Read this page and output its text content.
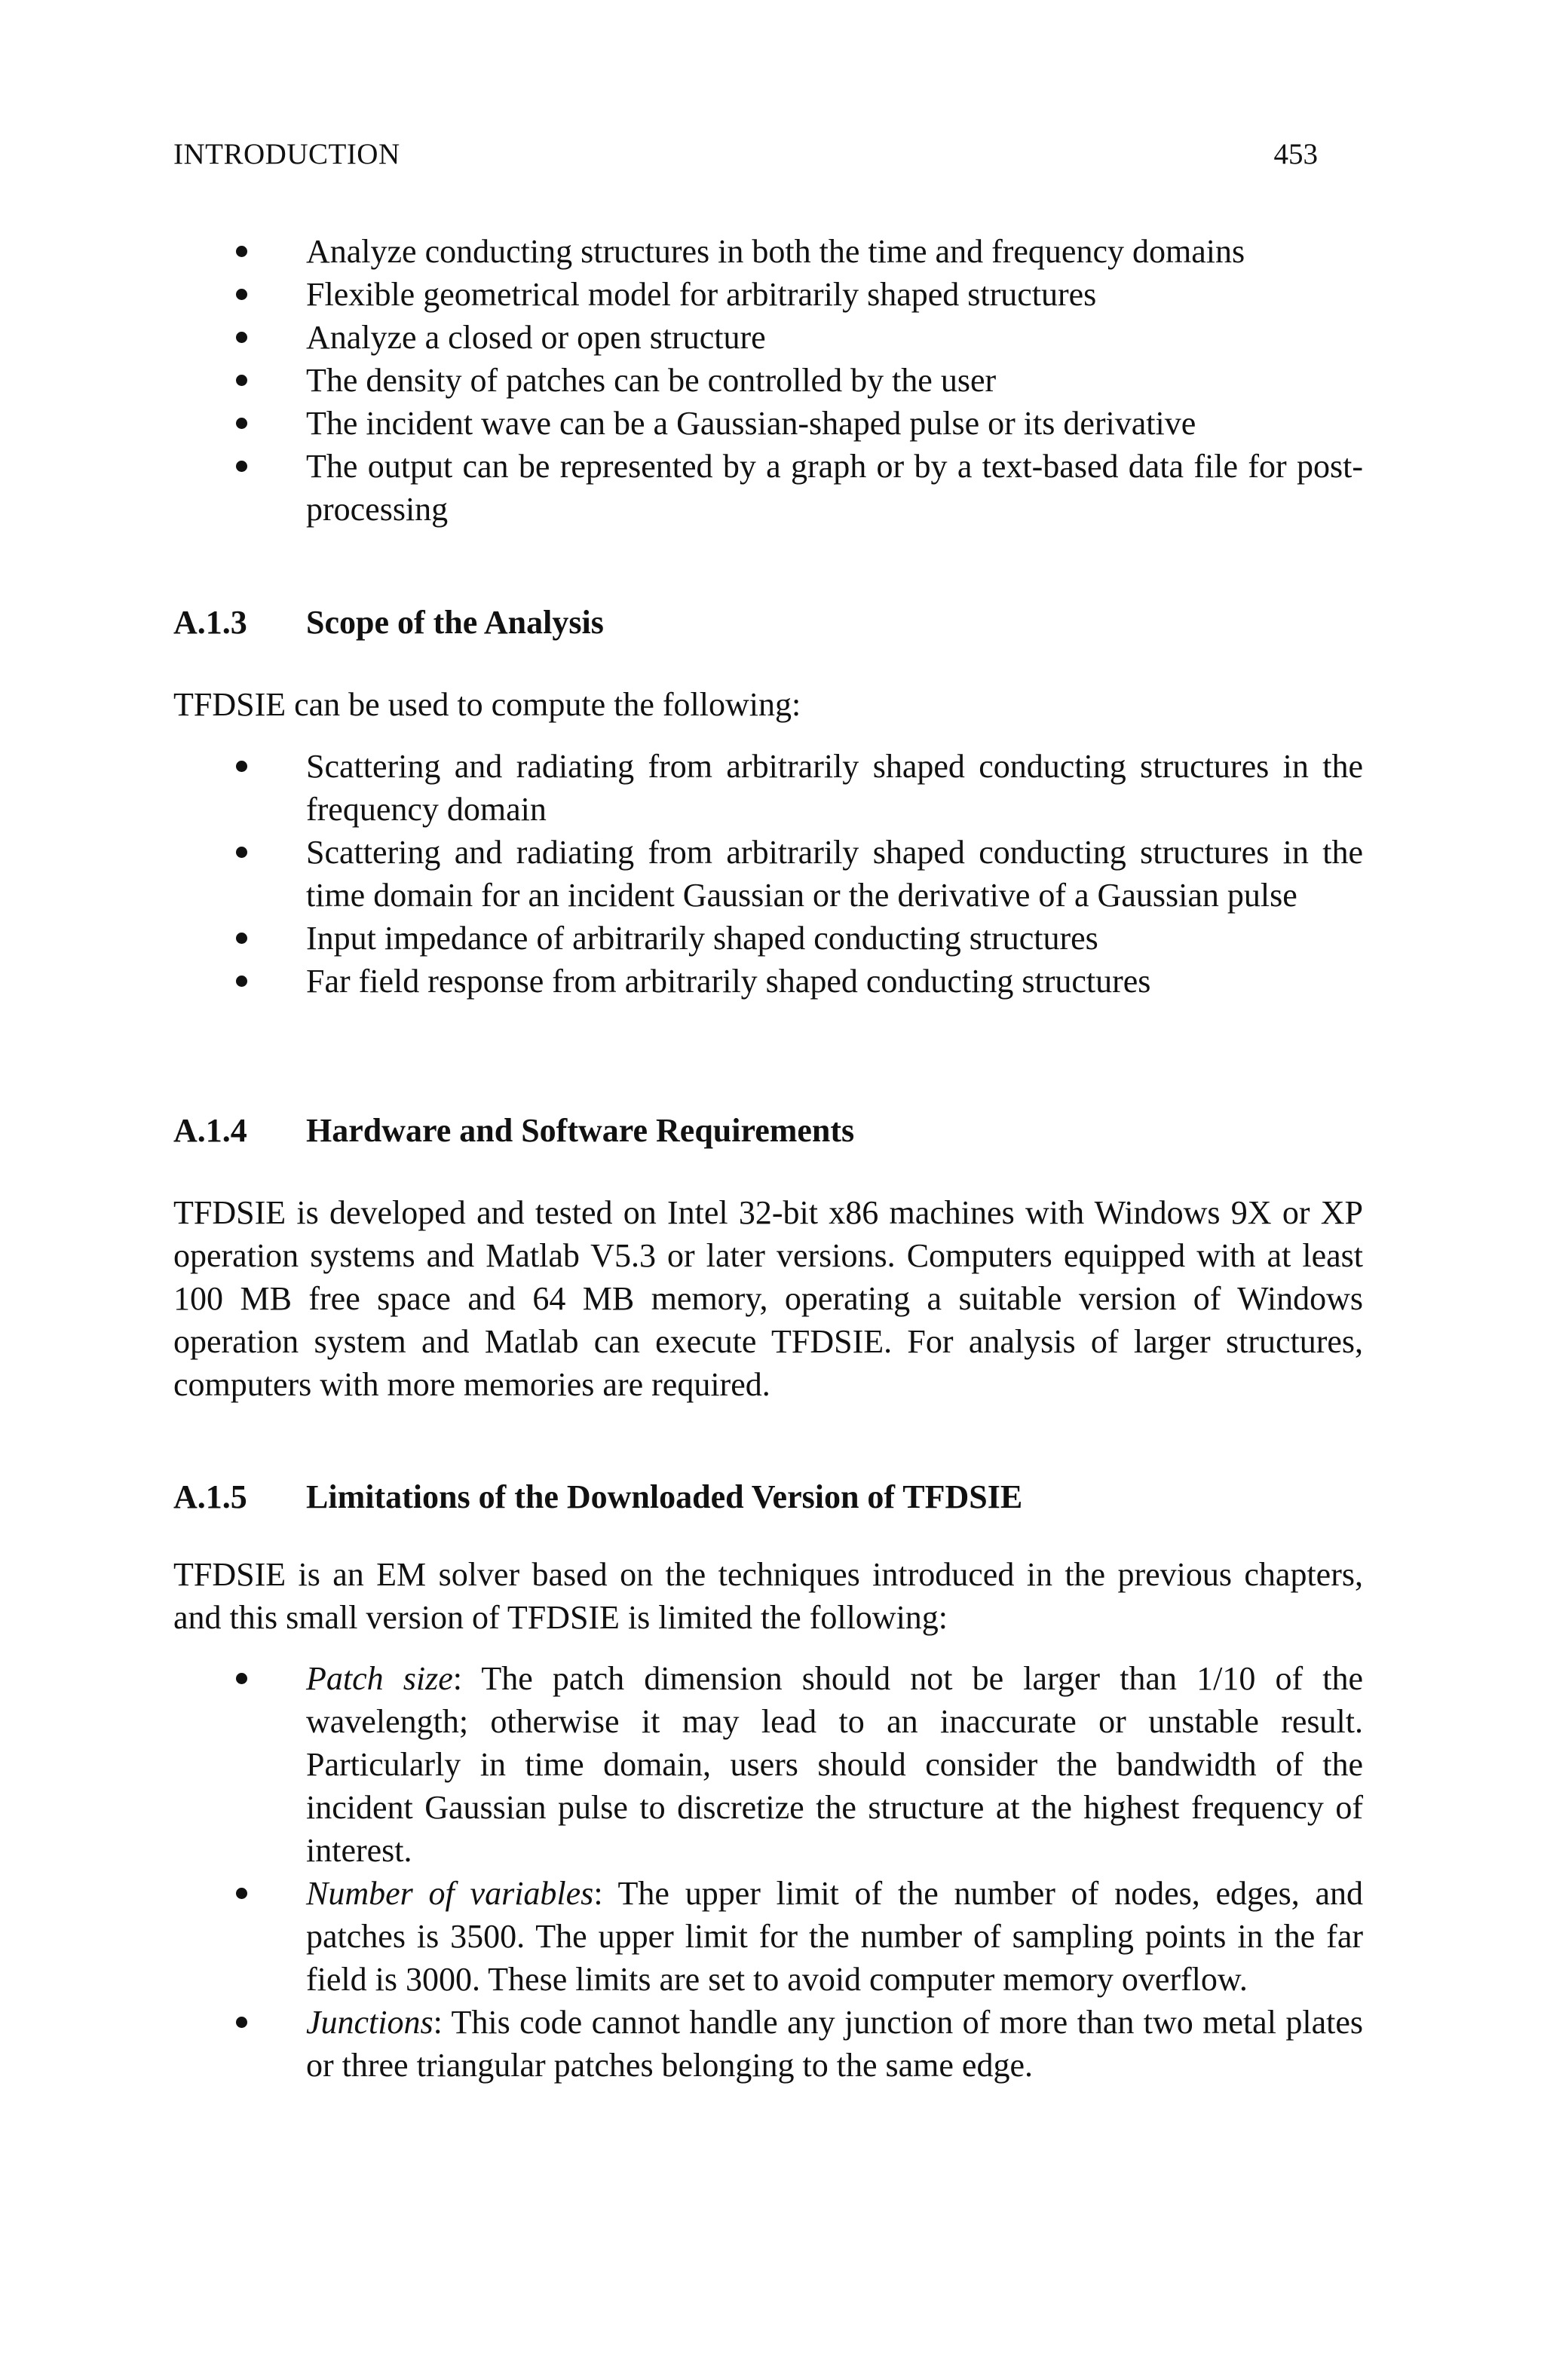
INTRODUCTION	453
Analyze conducting structures in both the time and frequency domains
Flexible geometrical model for arbitrarily shaped structures
Analyze a closed or open structure
The density of patches can be controlled by the user
The incident wave can be a Gaussian-shaped pulse or its derivative
The output can be represented by a graph or by a text-based data file for post-processing
A.1.3 Scope of the Analysis

TFDSIE can be used to compute the following:

Scattering and radiating from arbitrarily shaped conducting structures in the frequency domain
Scattering and radiating from arbitrarily shaped conducting structures in the time domain for an incident Gaussian or the derivative of a Gaussian pulse
Input impedance of arbitrarily shaped conducting structures
Far field response from arbitrarily shaped conducting structures
A.1.4 Hardware and Software Requirements

TFDSIE is developed and tested on Intel 32-bit x86 machines with Windows 9X or XP operation systems and Matlab V5.3 or later versions. Computers equipped with at least 100 MB free space and 64 MB memory, operating a suitable version of Windows operation system and Matlab can execute TFDSIE. For analysis of larger structures, computers with more memories are required.

A.1.5 Limitations of the Downloaded Version of TFDSIE

TFDSIE is an EM solver based on the techniques introduced in the previous chapters, and this small version of TFDSIE is limited the following:

Patch size: The patch dimension should not be larger than 1/10 of the wavelength; otherwise it may lead to an inaccurate or unstable result. Particularly in time domain, users should consider the bandwidth of the incident Gaussian pulse to discretize the structure at the highest frequency of interest.
Number of variables: The upper limit of the number of nodes, edges, and patches is 3500. The upper limit for the number of sampling points in the far field is 3000. These limits are set to avoid computer memory overflow.
Junctions: This code cannot handle any junction of more than two metal plates or three triangular patches belonging to the same edge.
